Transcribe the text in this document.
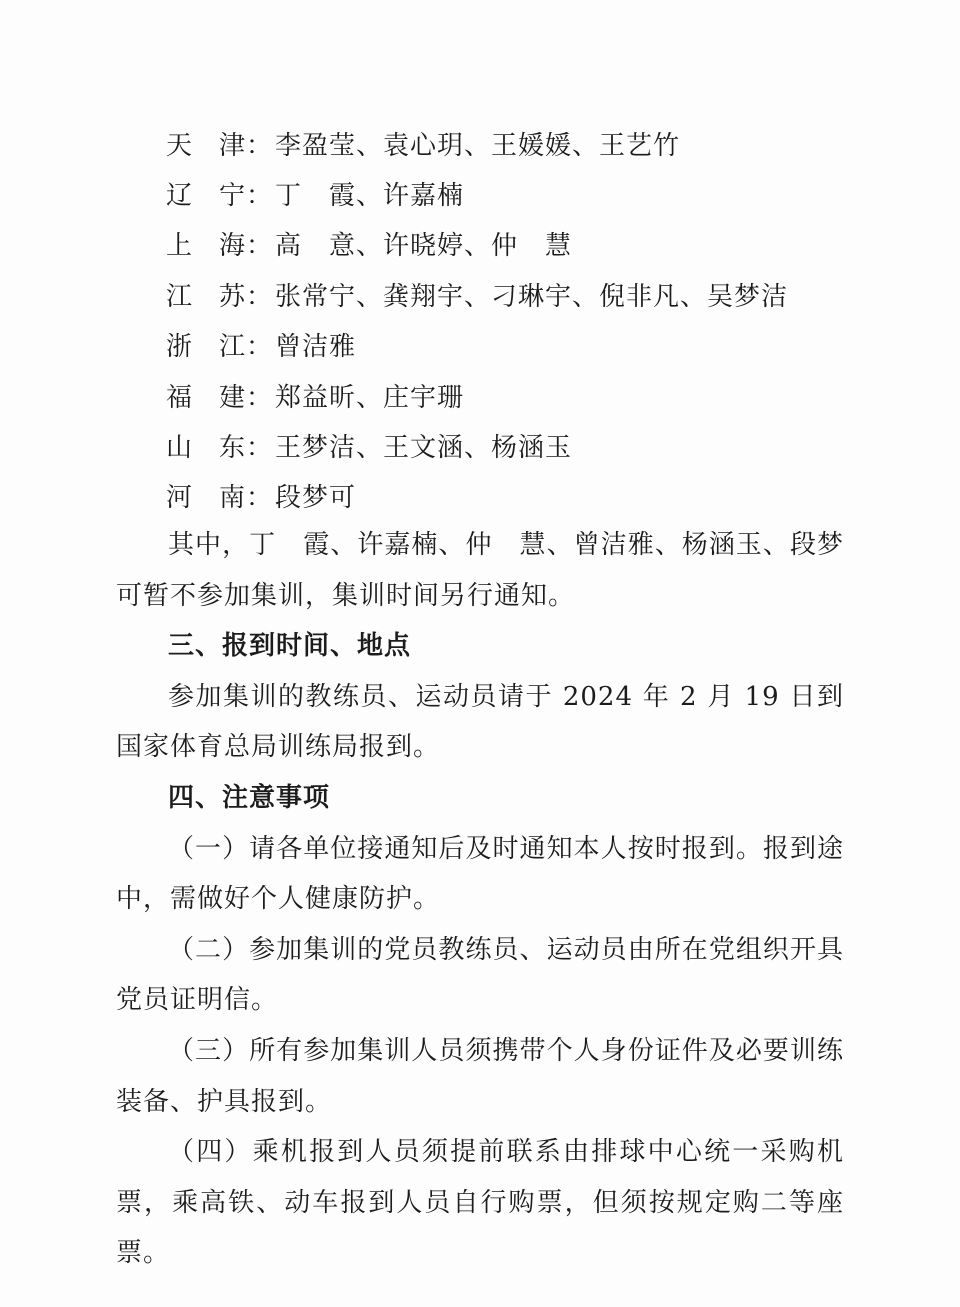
天津 ： 李盈莹、袁心玥、王媛媛、王艺竹
辽宁 ： 丁　霞、许嘉楠
上海 ： 高　意、许晓婷、仲　慧
江苏 ： 张常宁、龚翔宇、刁琳宇、倪非凡、吴梦洁
浙江 ： 曾洁雅
福建 ： 郑益昕、庄宇珊
山东 ： 王梦洁、王文涵、杨涵玉
河南 ： 段梦可

其中，丁　霞、许嘉楠、仲　慧、曾洁雅、杨涵玉、段梦可暂不参加集训，集训时间另行通知。

三、报到时间、地点

参加集训的教练员、运动员请于 2024 年 2 月 19 日到国家体育总局训练局报到。

四、注意事项

（一）请各单位接通知后及时通知本人按时报到。报到途中，需做好个人健康防护。

（二）参加集训的党员教练员、运动员由所在党组织开具党员证明信。

（三）所有参加集训人员须携带个人身份证件及必要训练装备、护具报到。

（四）乘机报到人员须提前联系由排球中心统一采购机票，乘高铁、动车报到人员自行购票，但须按规定购二等座票。
